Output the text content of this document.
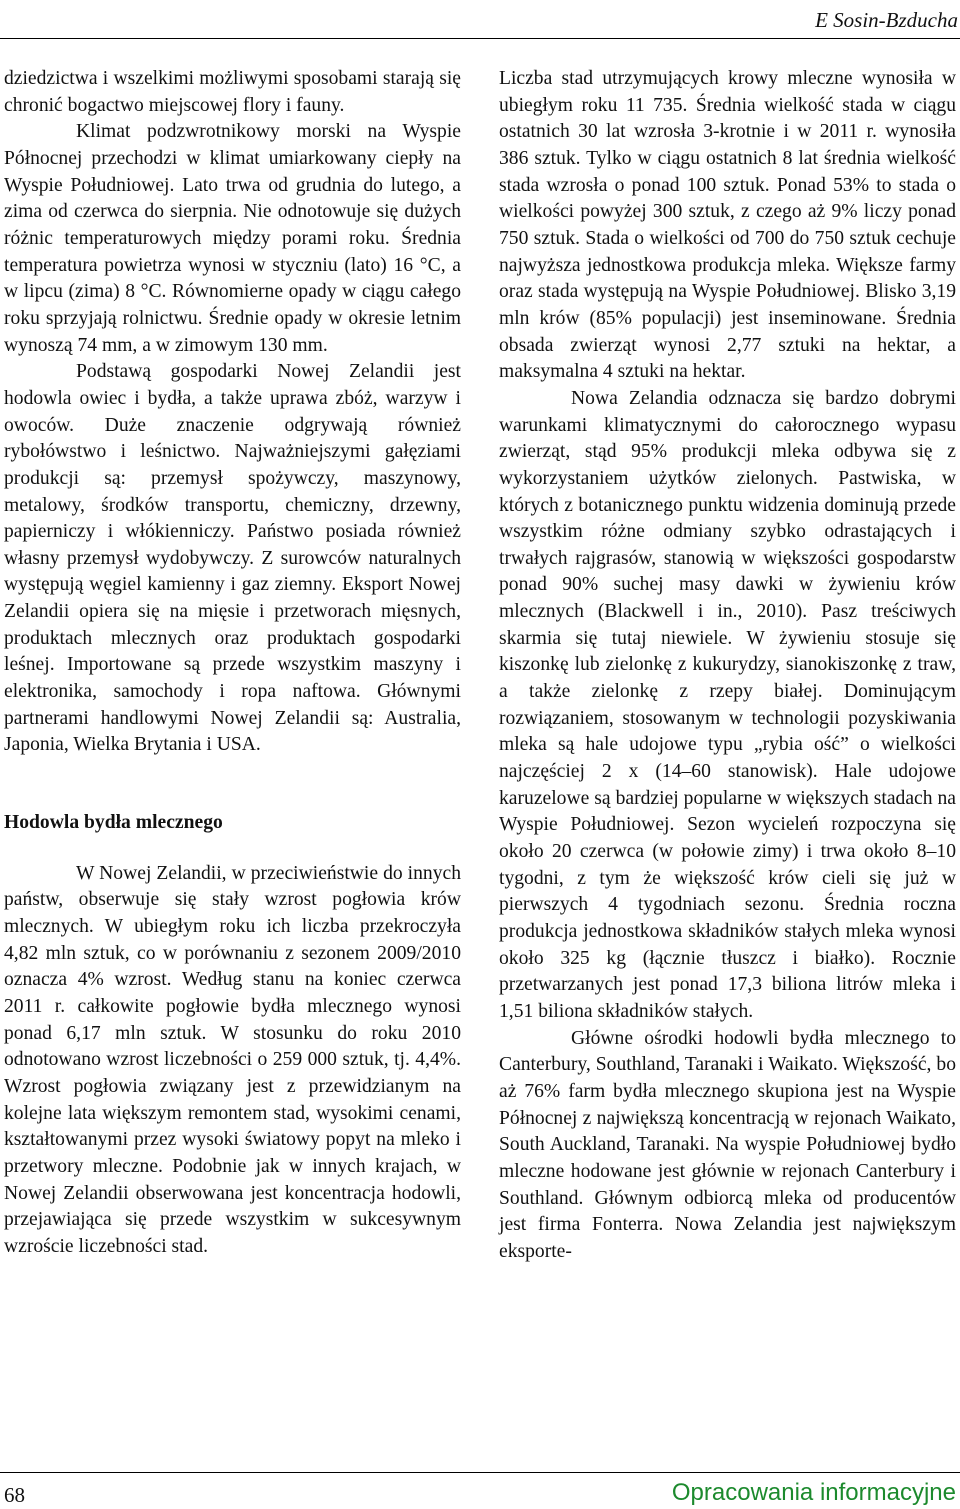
E Sosin-Bzducha

dziedzictwa i wszelkimi możliwymi sposobami starają się chronić bogactwo miejscowej flory i fauny.

Klimat podzwrotnikowy morski na Wyspie Północnej przechodzi w klimat umiarkowany ciepły na Wyspie Południowej. Lato trwa od grudnia do lutego, a zima od czerwca do sierpnia. Nie odnotowuje się dużych różnic temperaturowych między porami roku. Średnia temperatura powietrza wynosi w styczniu (lato) 16 °C, a w lipcu (zima) 8 °C. Równomierne opady w ciągu całego roku sprzyjają rolnictwu. Średnie opady w okresie letnim wynoszą 74 mm, a w zimowym 130 mm.

Podstawą gospodarki Nowej Zelandii jest hodowla owiec i bydła, a także uprawa zbóż, warzyw i owoców. Duże znaczenie odgrywają również rybołówstwo i leśnictwo. Najważniejszymi gałęziami produkcji są: przemysł spożywczy, maszynowy, metalowy, środków transportu, chemiczny, drzewny, papierniczy i włókienniczy. Państwo posiada również własny przemysł wydobywczy. Z surowców naturalnych występują węgiel kamienny i gaz ziemny. Eksport Nowej Zelandii opiera się na mięsie i przetworach mięsnych, produktach mlecznych oraz produktach gospodarki leśnej. Importowane są przede wszystkim maszyny i elektronika, samochody i ropa naftowa. Głównymi partnerami handlowymi Nowej Zelandii są: Australia, Japonia, Wielka Brytania i USA.

Hodowla bydła mlecznego

W Nowej Zelandii, w przeciwieństwie do innych państw, obserwuje się stały wzrost pogłowia krów mlecznych. W ubiegłym roku ich liczba przekroczyła 4,82 mln sztuk, co w porównaniu z sezonem 2009/2010 oznacza 4% wzrost. Według stanu na koniec czerwca 2011 r. całkowite pogłowie bydła mlecznego wynosi ponad 6,17 mln sztuk. W stosunku do roku 2010 odnotowano wzrost liczebności o 259 000 sztuk, tj. 4,4%. Wzrost pogłowia związany jest z przewidzianym na kolejne lata większym remontem stad, wysokimi cenami, kształtowanymi przez wysoki światowy popyt na mleko i przetwory mleczne. Podobnie jak w innych krajach, w Nowej Zelandii obserwowana jest koncentracja hodowli, przejawiająca się przede wszystkim w sukcesywnym wzroście liczebności stad.

Liczba stad utrzymujących krowy mleczne wynosiła w ubiegłym roku 11 735. Średnia wielkość stada w ciągu ostatnich 30 lat wzrosła 3-krotnie i w 2011 r. wynosiła 386 sztuk. Tylko w ciągu ostatnich 8 lat średnia wielkość stada wzrosła o ponad 100 sztuk. Ponad 53% to stada o wielkości powyżej 300 sztuk, z czego aż 9% liczy ponad 750 sztuk. Stada o wielkości od 700 do 750 sztuk cechuje najwyższa jednostkowa produkcja mleka. Większe farmy oraz stada występują na Wyspie Południowej. Blisko 3,19 mln krów (85% populacji) jest inseminowane. Średnia obsada zwierząt wynosi 2,77 sztuki na hektar, a maksymalna 4 sztuki na hektar.

Nowa Zelandia odznacza się bardzo dobrymi warunkami klimatycznymi do całorocznego wypasu zwierząt, stąd 95% produkcji mleka odbywa się z wykorzystaniem użytków zielonych. Pastwiska, w których z botanicznego punktu widzenia dominują przede wszystkim różne odmiany szybko odrastających i trwałych rajgrasów, stanowią w większości gospodarstw ponad 90% suchej masy dawki w żywieniu krów mlecznych (Blackwell i in., 2010). Pasz treściwych skarmia się tutaj niewiele. W żywieniu stosuje się kiszonkę lub zielonkę z kukurydzy, sianokiszonkę z traw, a także zielonkę z rzepy białej. Dominującym rozwiązaniem, stosowanym w technologii pozyskiwania mleka są hale udojowe typu „rybia ość” o wielkości najczęściej 2 x (14–60 stanowisk). Hale udojowe karuzelowe są bardziej popularne w większych stadach na Wyspie Południowej. Sezon wycieleń rozpoczyna się około 20 czerwca (w połowie zimy) i trwa około 8–10 tygodni, z tym że większość krów cieli się już w pierwszych 4 tygodniach sezonu. Średnia roczna produkcja jednostkowa składników stałych mleka wynosi około 325 kg (łącznie tłuszcz i białko). Rocznie przetwarzanych jest ponad 17,3 biliona litrów mleka i 1,51 biliona składników stałych.

Główne ośrodki hodowli bydła mlecznego to Canterbury, Southland, Taranaki i Waikato. Większość, bo aż 76% farm bydła mlecznego skupiona jest na Wyspie Północnej z największą koncentracją w rejonach Waikato, South Auckland, Taranaki. Na wyspie Południowej bydło mleczne hodowane jest głównie w rejonach Canterbury i Southland. Głównym odbiorcą mleka od producentów jest firma Fonterra. Nowa Zelandia jest największym eksporte-

68	Opracowania informacyjne
